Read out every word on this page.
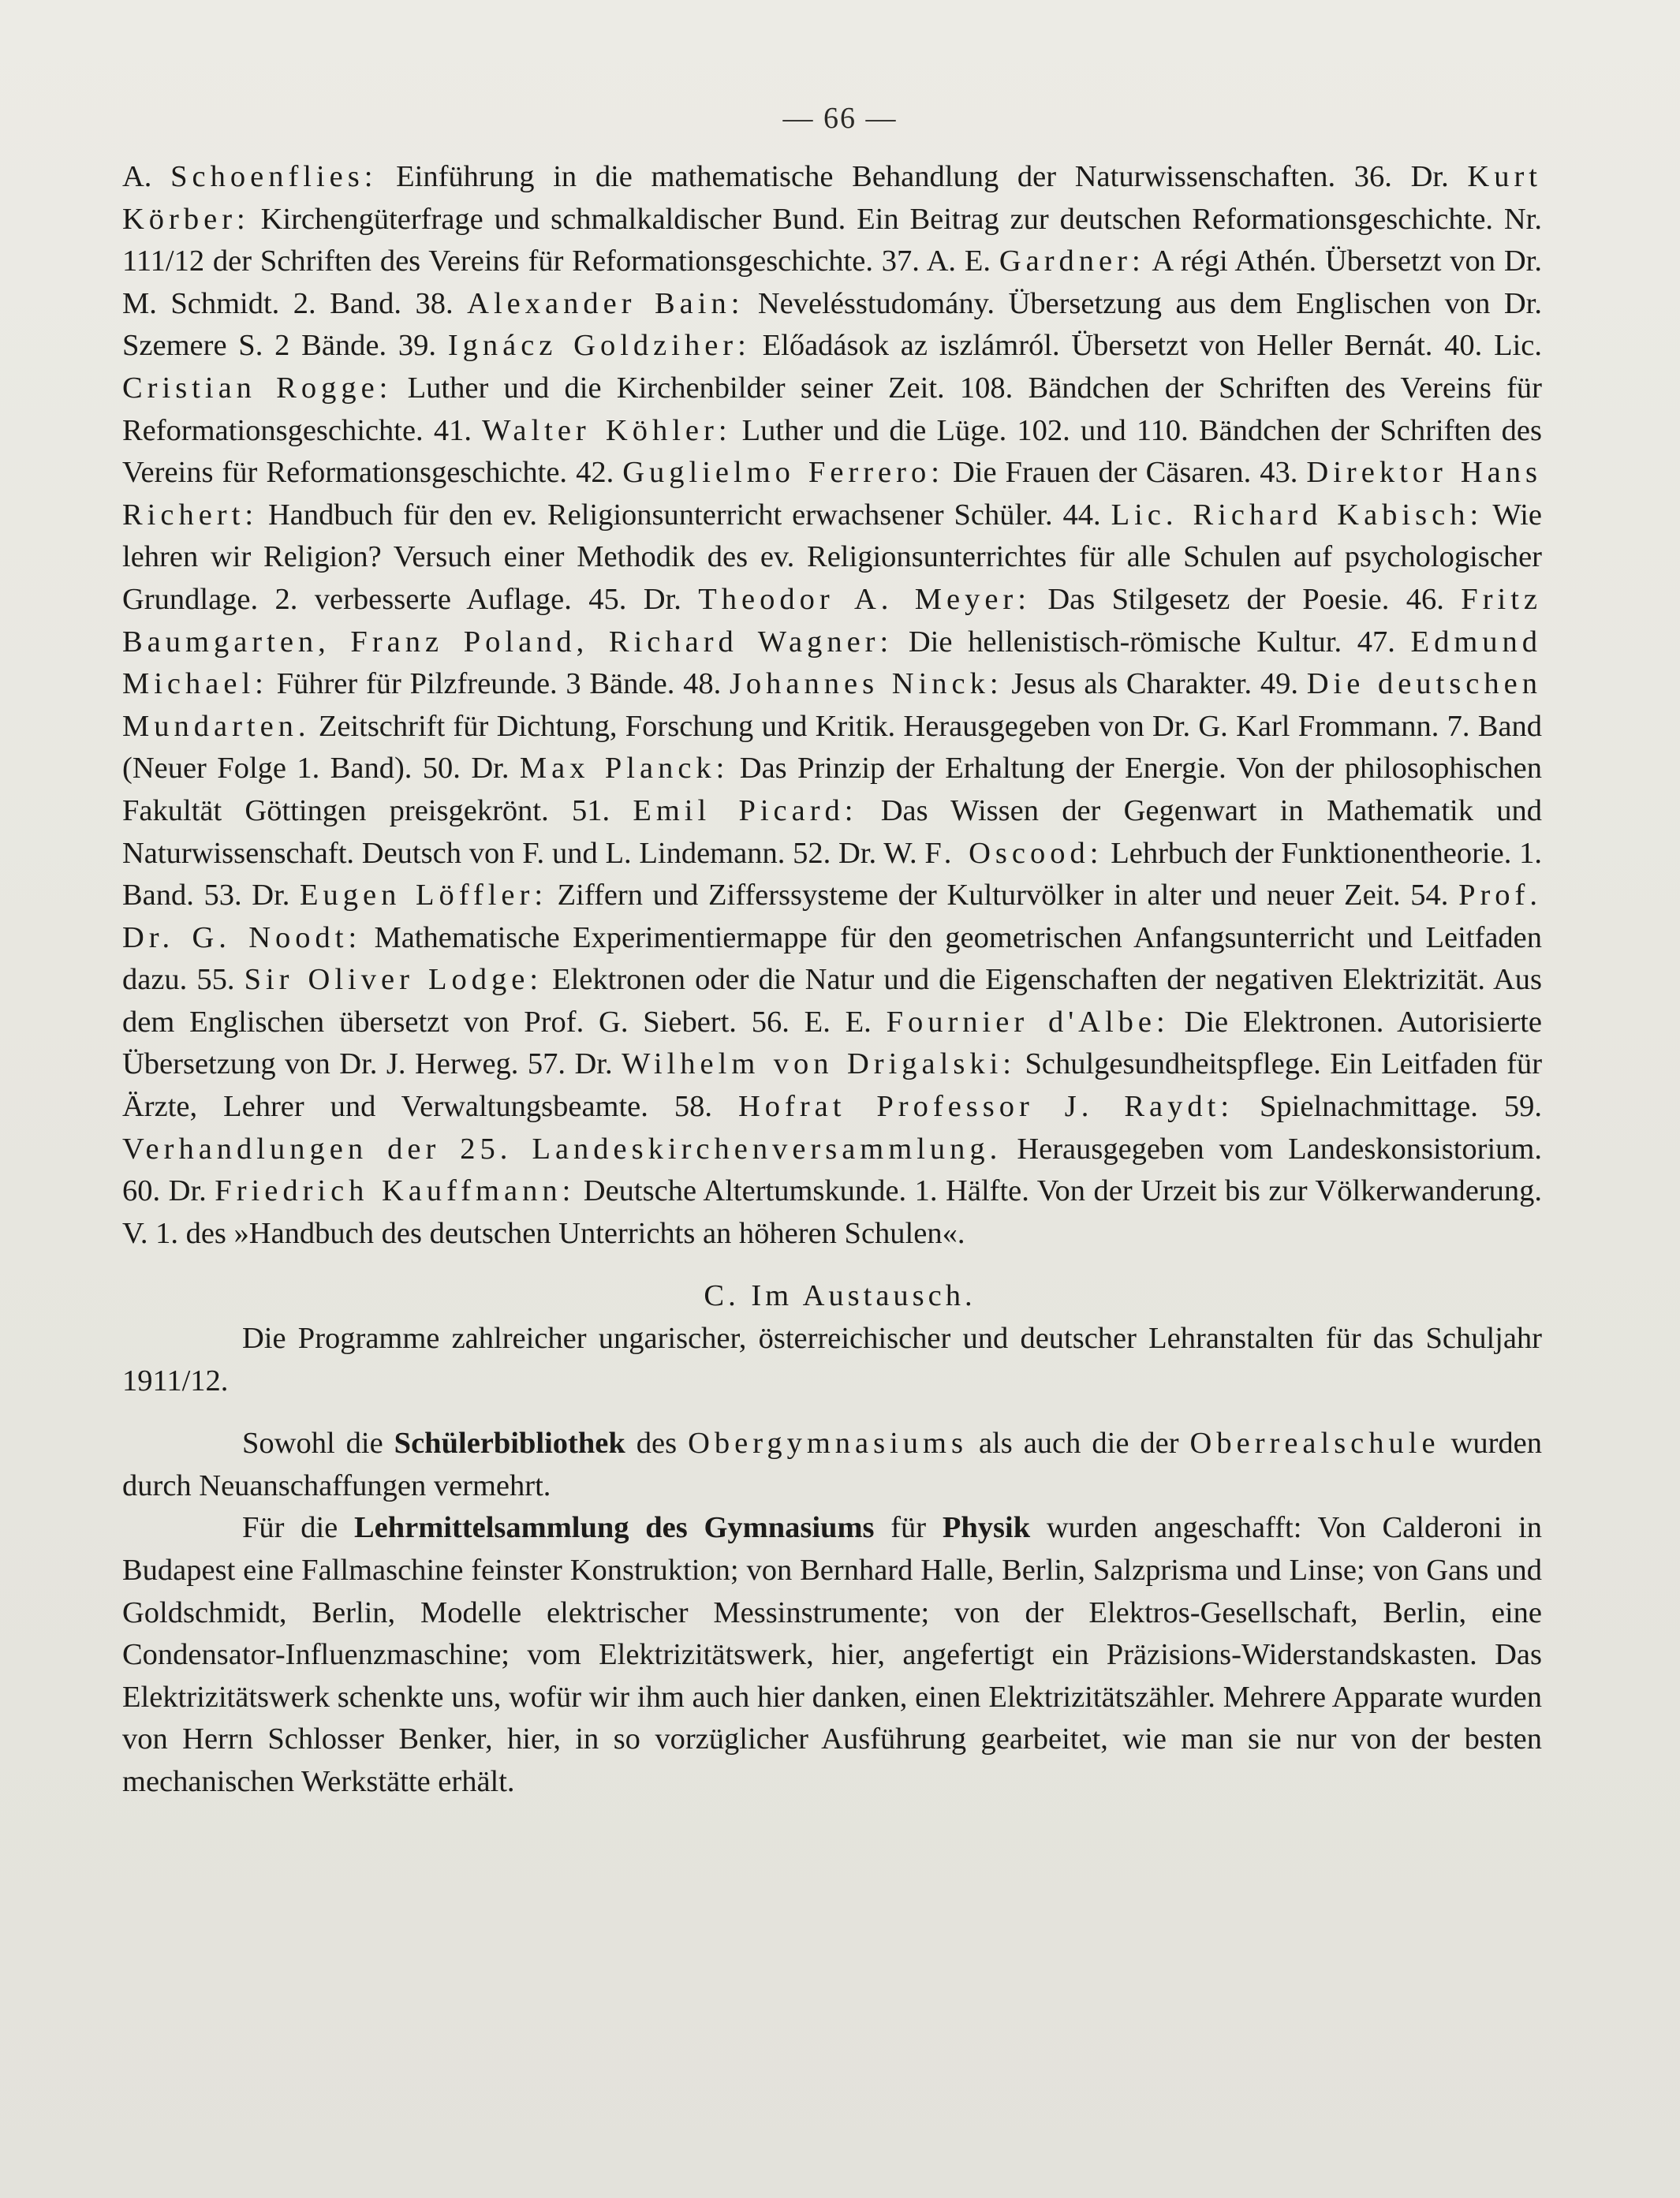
— 66 —

A. Schoenflies: Einführung in die mathematische Behandlung der Naturwissenschaften. 36. Dr. Kurt Körber: Kirchengüterfrage und schmalkaldischer Bund. Ein Beitrag zur deutschen Reformationsgeschichte. Nr. 111/12 der Schriften des Vereins für Reformationsgeschichte. 37. A. E. Gardner: A régi Athén. Übersetzt von Dr. M. Schmidt. 2. Band. 38. Alexander Bain: Nevelésstudomány. Übersetzung aus dem Englischen von Dr. Szemere S. 2 Bände. 39. Ignácz Goldziher: Előadások az iszlámról. Übersetzt von Heller Bernát. 40. Lic. Cristian Rogge: Luther und die Kirchenbilder seiner Zeit. 108. Bändchen der Schriften des Vereins für Reformationsgeschichte. 41. Walter Köhler: Luther und die Lüge. 102. und 110. Bändchen der Schriften des Vereins für Reformationsgeschichte. 42. Guglielmo Ferrero: Die Frauen der Cäsaren. 43. Direktor Hans Richert: Handbuch für den ev. Religionsunterricht erwachsener Schüler. 44. Lic. Richard Kabisch: Wie lehren wir Religion? Versuch einer Methodik des ev. Religionsunterrichtes für alle Schulen auf psychologischer Grundlage. 2. verbesserte Auflage. 45. Dr. Theodor A. Meyer: Das Stilgesetz der Poesie. 46. Fritz Baumgarten, Franz Poland, Richard Wagner: Die hellenistisch-römische Kultur. 47. Edmund Michael: Führer für Pilzfreunde. 3 Bände. 48. Johannes Ninck: Jesus als Charakter. 49. Die deutschen Mundarten. Zeitschrift für Dichtung, Forschung und Kritik. Herausgegeben von Dr. G. Karl Frommann. 7. Band (Neuer Folge 1. Band). 50. Dr. Max Planck: Das Prinzip der Erhaltung der Energie. Von der philosophischen Fakultät Göttingen preisgekrönt. 51. Emil Picard: Das Wissen der Gegenwart in Mathematik und Naturwissenschaft. Deutsch von F. und L. Lindemann. 52. Dr. W. F. Oscood: Lehrbuch der Funktionentheorie. 1. Band. 53. Dr. Eugen Löffler: Ziffern und Zifferssysteme der Kulturvölker in alter und neuer Zeit. 54. Prof. Dr. G. Noodt: Mathematische Experimentiermappe für den geometrischen Anfangsunterricht und Leitfaden dazu. 55. Sir Oliver Lodge: Elektronen oder die Natur und die Eigenschaften der negativen Elektrizität. Aus dem Englischen übersetzt von Prof. G. Siebert. 56. E. E. Fournier d'Albe: Die Elektronen. Autorisierte Übersetzung von Dr. J. Herweg. 57. Dr. Wilhelm von Drigalski: Schulgesundheitspflege. Ein Leitfaden für Ärzte, Lehrer und Verwaltungsbeamte. 58. Hofrat Professor J. Raydt: Spielnachmittage. 59. Verhandlungen der 25. Landeskirchenversammlung. Herausgegeben vom Landeskonsistorium. 60. Dr. Friedrich Kauffmann: Deutsche Altertumskunde. 1. Hälfte. Von der Urzeit bis zur Völkerwanderung. V. 1. des »Handbuch des deutschen Unterrichts an höheren Schulen«.

C. Im Austausch.

Die Programme zahlreicher ungarischer, österreichischer und deutscher Lehranstalten für das Schuljahr 1911/12.

Sowohl die Schülerbibliothek des Obergymnasiums als auch die der Oberrealschule wurden durch Neuanschaffungen vermehrt.

Für die Lehrmittelsammlung des Gymnasiums für Physik wurden angeschafft: Von Calderoni in Budapest eine Fallmaschine feinster Konstruktion; von Bernhard Halle, Berlin, Salzprisma und Linse; von Gans und Goldschmidt, Berlin, Modelle elektrischer Messinstrumente; von der Elektros-Gesellschaft, Berlin, eine Condensator-Influenzmaschine; vom Elektrizitätswerk, hier, angefertigt ein Präzisions-Widerstandskasten. Das Elektrizitätswerk schenkte uns, wofür wir ihm auch hier danken, einen Elektrizitätszähler. Mehrere Apparate wurden von Herrn Schlosser Benker, hier, in so vorzüglicher Ausführung gearbeitet, wie man sie nur von der besten mechanischen Werkstätte erhält.
